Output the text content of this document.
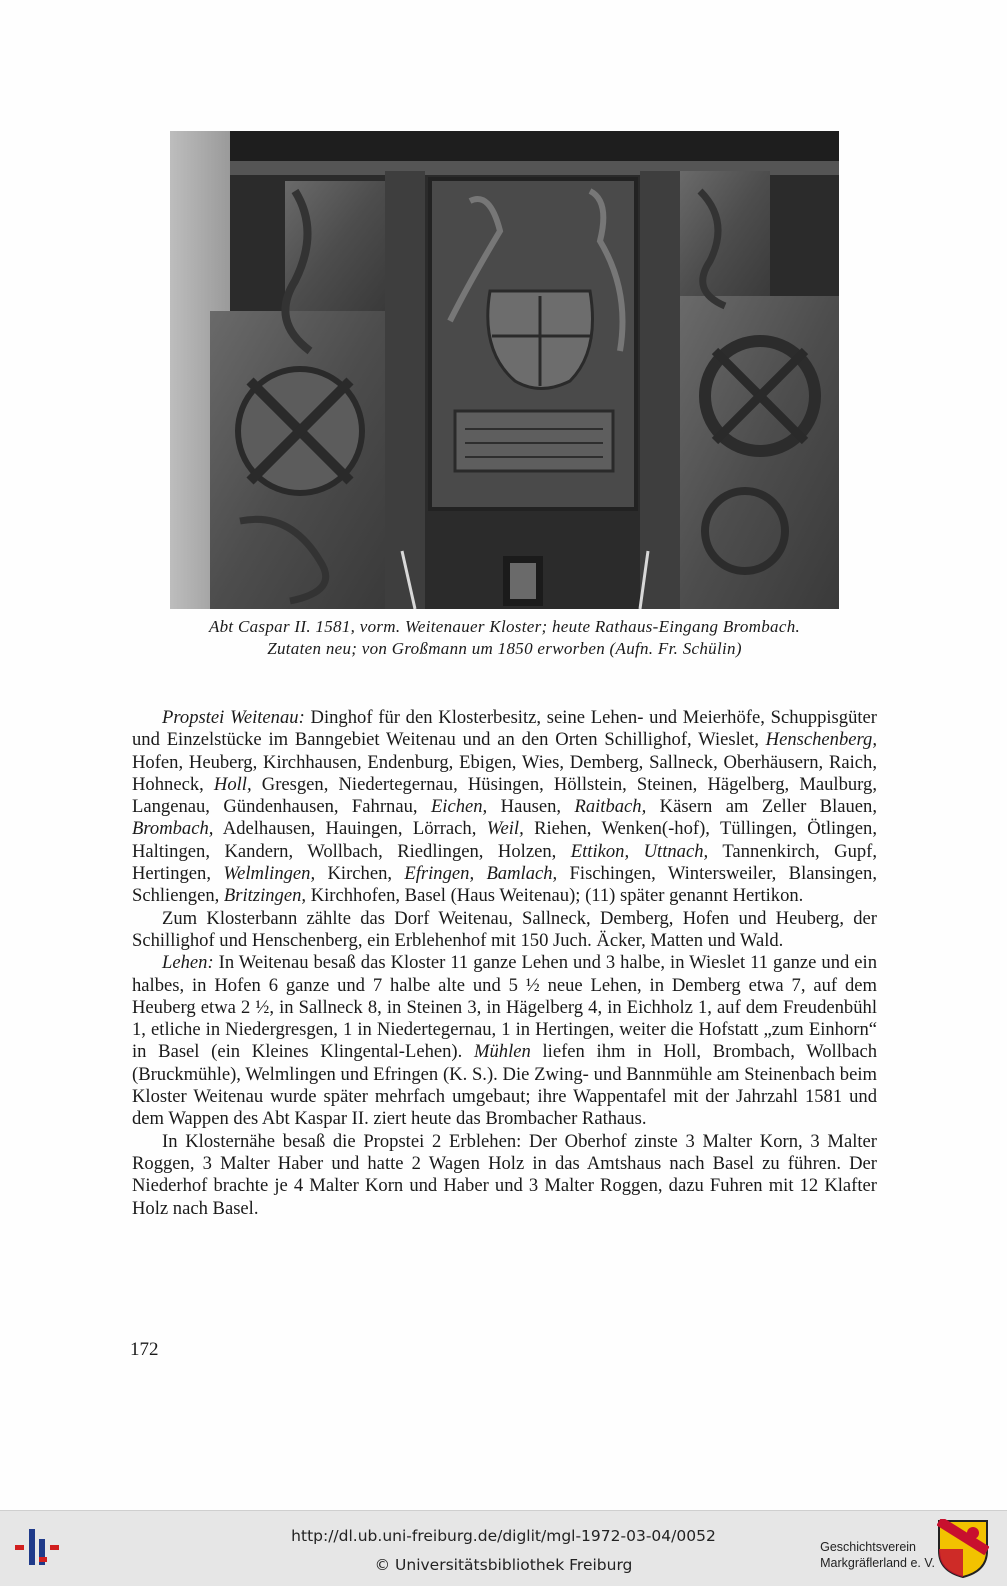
Abt Caspar II. 1581, vorm. Weitenauer Kloster; heute Rathaus-Eingang Brombach.
Zutaten neu; von Großmann um 1850 erworben (Aufn. Fr. Schülin)

Propstei Weitenau: Dinghof für den Klosterbesitz, seine Lehen- und Meierhöfe, Schuppisgüter und Einzelstücke im Banngebiet Weitenau und an den Orten Schillighof, Wieslet, Henschenberg, Hofen, Heuberg, Kirchhausen, Endenburg, Ebigen, Wies, Demberg, Sallneck, Oberhäusern, Raich, Hohneck, Holl, Gresgen, Niedertegernau, Hüsingen, Höllstein, Steinen, Hägelberg, Maulburg, Langenau, Gündenhausen, Fahrnau, Eichen, Hausen, Raitbach, Käsern am Zeller Blauen, Brombach, Adelhausen, Hauingen, Lörrach, Weil, Riehen, Wenken(-hof), Tüllingen, Ötlingen, Haltingen, Kandern, Wollbach, Riedlingen, Holzen, Ettikon, Uttnach, Tannenkirch, Gupf, Hertingen, Welmlingen, Kirchen, Efringen, Bamlach, Fischingen, Wintersweiler, Blansingen, Schliengen, Britzingen, Kirchhofen, Basel (Haus Weitenau); (11) später genannt Hertikon.

Zum Klosterbann zählte das Dorf Weitenau, Sallneck, Demberg, Hofen und Heuberg, der Schillighof und Henschenberg, ein Erblehenhof mit 150 Juch. Äcker, Matten und Wald.

Lehen: In Weitenau besaß das Kloster 11 ganze Lehen und 3 halbe, in Wieslet 11 ganze und ein halbes, in Hofen 6 ganze und 7 halbe alte und 5 ½ neue Lehen, in Demberg etwa 7, auf dem Heuberg etwa 2 ½, in Sallneck 8, in Steinen 3, in Hägelberg 4, in Eichholz 1, auf dem Freudenbühl 1, etliche in Niedergresgen, 1 in Niedertegernau, 1 in Hertingen, weiter die Hofstatt „zum Einhorn“ in Basel (ein Kleines Klingental-Lehen). Mühlen liefen ihm in Holl, Brombach, Wollbach (Bruckmühle), Welmlingen und Efringen (K. S.). Die Zwing- und Bannmühle am Steinenbach beim Kloster Weitenau wurde später mehrfach umgebaut; ihre Wappentafel mit der Jahrzahl 1581 und dem Wappen des Abt Kaspar II. ziert heute das Brombacher Rathaus.

In Klosternähe besaß die Propstei 2 Erblehen: Der Oberhof zinste 3 Malter Korn, 3 Malter Roggen, 3 Malter Haber und hatte 2 Wagen Holz in das Amtshaus nach Basel zu führen. Der Niederhof brachte je 4 Malter Korn und Haber und 3 Malter Roggen, dazu Fuhren mit 12 Klafter Holz nach Basel.

172
http://dl.ub.uni-freiburg.de/diglit/mgl-1972-03-04/0052
© Universitätsbibliothek Freiburg
Geschichtsverein
Markgräflerland e. V.
